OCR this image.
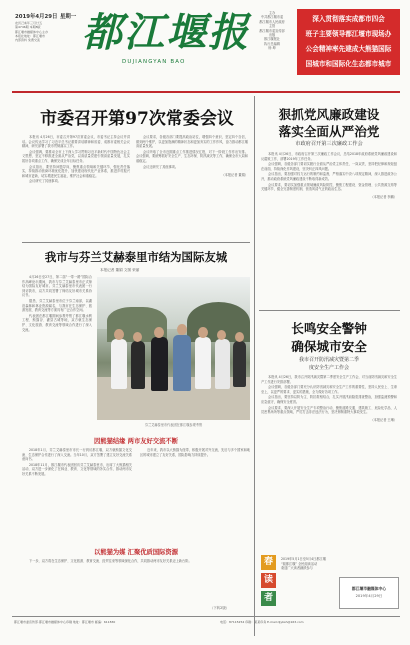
2019年4月29日 星期一
农历己亥年三月廿五
第4746期 本期8版
都江堰市融媒体中心主办
本报社地址：都江堰市
内部资料 免费交流	都江堰报
DUJIANGYAN BAO
主办
中共都江堰市委
都江堰市人民政府
主管
都江堰市委宣传部
出版
都江堰报社
执行总编辑
杨 坤
深入贯彻落实成都市四会
班子主要领导都江堰市现场办
公会精神率先建成大熊猫国际
国城市和国际化生态都市城市
市委召开第97次常委会议

本报讯 4月26日，市委召开第97次常委会议，市委书记主持会议并讲话。会议传达学习了习近平总书记重要讲话精神和省委、成都市委相关会议精神，研究部署了我市贯彻落实工作。

会议强调，要推动全市上下深入学习贯彻习近平新时代中国特色社会主义思想，坚定不移推进全面从严治党，以高质量党建引领高质量发展，扎实抓好各项重点工作，确保完成全年目标任务。

会议指出，要坚持问题导向，聚焦重点领域和关键环节，强化责任落实，持续推动营商环境优化提升，加快建设现代化产业体系，推进乡村振兴和城市更新，切实增进民生福祉，维护社会和谐稳定。

会议研究了其他事项。

会议要求，各级各部门要提高政治站位，增强四个意识，坚定四个自信，做到两个维护，以更加饱满的精神状态和更加务实的工作作风，奋力推动都江堰高质量发展。

会议听取了全市近期重点工作推进情况汇报，对下一阶段工作作出安排。会议强调，要统筹抓好安全生产、生态环保、防汛减灾等工作，确保全市大局和谐稳定。

会议还研究了其他事项。

（本报记者 董娟）
狠抓党风廉政建设
落实全面从严治党
市政府召开第三次廉政工作会

本报讯 4月26日，市政府召开第三次廉政工作会议，总结2018年政府系统党风廉政建设和反腐败工作，部署2019年工作任务。

会议强调，各级各部门要切实履行全面从严治党主体责任，一岗双责，坚持把纪律和规矩挺在前面，持续深化作风建设，坚决纠正四风问题。

会议指出，要加强对权力运行的制约和监督，严格落实中央八项规定精神，深入推进政务公开，推动政府系统党风廉政建设不断取得新成效。

会议要求，要切实加强重点领域廉政风险防控，聚焦工程建设、资金管理、公共资源交易等关键环节，健全完善制度机制，营造风清气正的政治生态。

（本报记者 李鹏）
我市与芬兰艾赫泰里市结为国际友城
本报记者 董娟 文图 荣丽

4月26日至27日，第二届“一带一路”国际合作高峰论坛期间，我市与芬兰艾赫泰里市正式缔结为国际友好城市。芬兰艾赫泰里市代表团一行到访我市，双方共同签署了缔结友好城市关系协议书。

据悉，芬兰艾赫泰里市位于芬兰南部，以湖泊森林和林业资源闻名，与我市在生态保护、旅游发展、教育交流等方面具有广泛合作空间。

代表团在都江堰期间参观考察了都江堰水利工程、熊猫谷、灌县古城等地，双方就生态保护、文化旅游、教育交流等领域合作进行了深入交流。

芬兰艾赫泰里市代表团在都江堰参观考察
因熊猫结缘 两市友好交流不断

2018年1月，芬兰艾赫泰里市市长一行到访都江堰，双方就熊猫文化交流、生态保护合作进行了深入交流。当年10月，双方签署了建立友好交流关系意向书。

2018年11月，都江堰市代表团回访芬兰艾赫泰里市，出席了大熊猫相关活动，双方进一步深化了在林业、教育、文化等领域的务实合作，推动两市友好关系不断发展。

近年来，我市以大熊猫为纽带，积极开展对外交流，先后与多个国家和地区的城市建立了友好关系，国际影响力持续提升。

以熊猫为媒 汇聚优质国际资源

下一步，双方将在生态保护、文化旅游、教育交流、经贸往来等领域深化合作，共同推动两市友好关系迈上新台阶。

（下转2版）
长鸣安全警钟
确保城市安全
我市召开防汛减灾暨第二季
度安全生产工作会

本报讯 4月26日，我市召开防汛减灾暨第二季度安全生产工作会，对当前防汛减灾和安全生产工作进行安排部署。

会议强调，各级各部门要充分认识防汛减灾和安全生产工作的重要性，坚持人民至上、生命至上，以更严的要求、更实的措施，全力做好各项工作。

会议指出，要坚持以防为主、防抗救相结合，扎实开展汛前隐患排查整治，加强监测预警和应急值守，确保安全度汛。

会议要求，要深入开展安全生产专项整治行动，聚焦道路交通、建筑施工、危险化学品、人员密集场所等重点领域，严厉打击非法违法行为，坚决遏制重特大事故发生。

（本报记者 王琳）
春
读
者
2019年5月1日至5月4日都江堰
“阅都江堰” 全民阅读活动
欢迎广大读者踊跃参与
都江堰市融媒体中心
2019年4月29日
都江堰市委宣传部·都江堰市融媒体中心印刷 地址：都江堰市 邮编：611830	电话：87115254 印刷：某某印务 E-mail:djybsh@163.com
